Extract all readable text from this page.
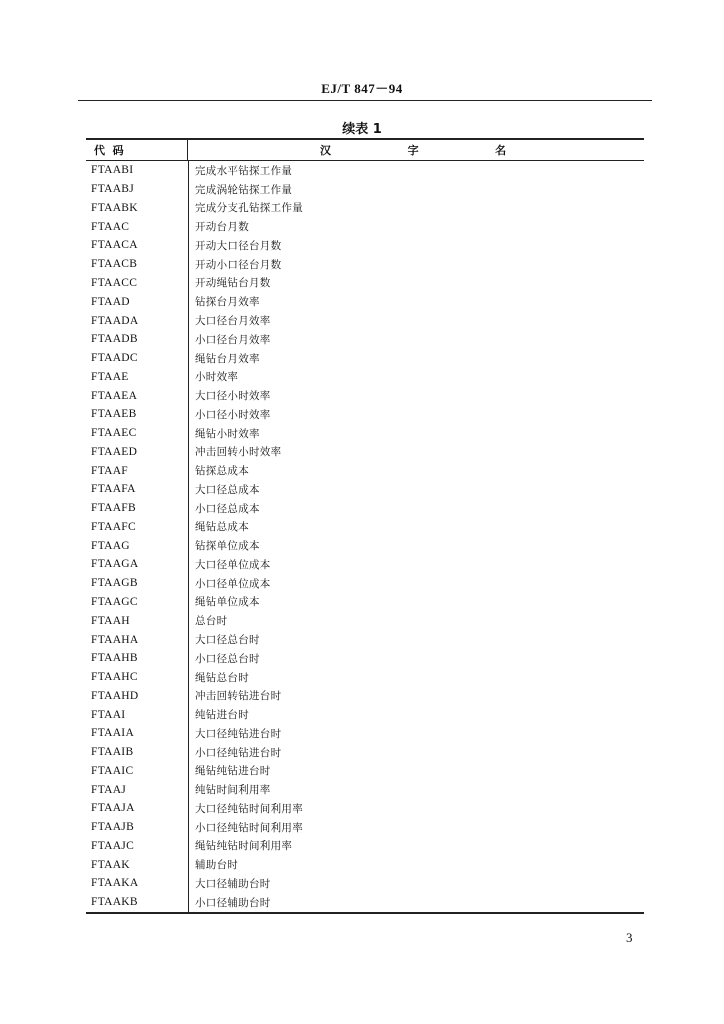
EJ/T 847－94
续表 1
代  码	汉                    字                    名
FTAABI	完成水平钻探工作量
FTAABJ	完成涡轮钻探工作量
FTAABK	完成分支孔钻探工作量
FTAAC	开动台月数
FTAACA	开动大口径台月数
FTAACB	开动小口径台月数
FTAACC	开动绳钻台月数
FTAAD	钻探台月效率
FTAADA	大口径台月效率
FTAADB	小口径台月效率
FTAADC	绳钻台月效率
FTAAE	小时效率
FTAAEA	大口径小时效率
FTAAEB	小口径小时效率
FTAAEC	绳钻小时效率
FTAAED	冲击回转小时效率
FTAAF	钻探总成本
FTAAFA	大口径总成本
FTAAFB	小口径总成本
FTAAFC	绳钻总成本
FTAAG	钻探单位成本
FTAAGA	大口径单位成本
FTAAGB	小口径单位成本
FTAAGC	绳钻单位成本
FTAAH	总台时
FTAAHA	大口径总台时
FTAAHB	小口径总台时
FTAAHC	绳钻总台时
FTAAHD	冲击回转钻进台时
FTAAI	纯钻进台时
FTAAIA	大口径纯钻进台时
FTAAIB	小口径纯钻进台时
FTAAIC	绳钻纯钻进台时
FTAAJ	纯钻时间利用率
FTAAJA	大口径纯钻时间利用率
FTAAJB	小口径纯钻时间利用率
FTAAJC	绳钻纯钻时间利用率
FTAAK	辅助台时
FTAAKA	大口径辅助台时
FTAAKB	小口径辅助台时
3
